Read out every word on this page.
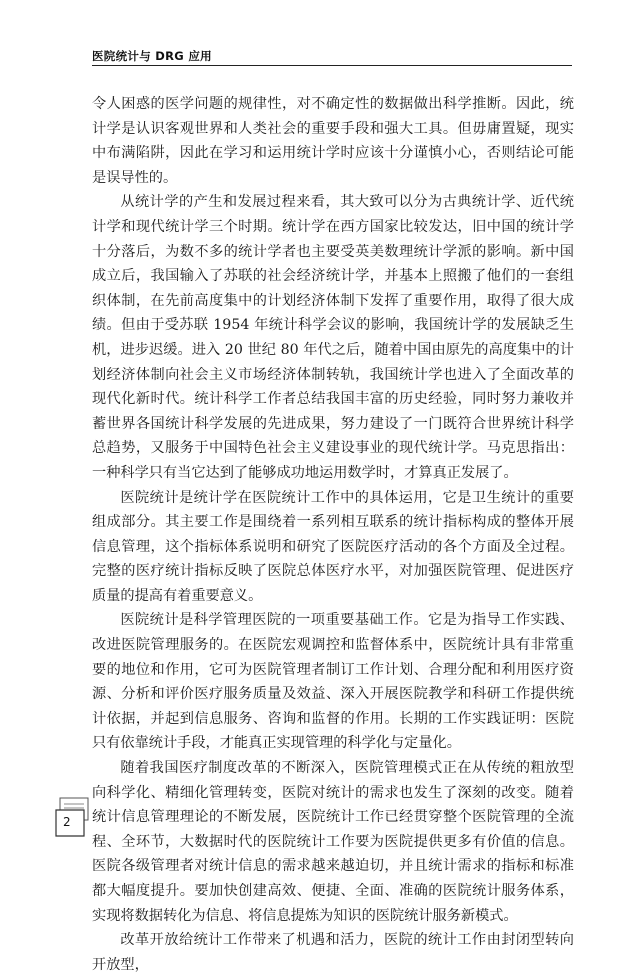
医院统计与 DRG 应用

令人困惑的医学问题的规律性，对不确定性的数据做出科学推断。因此，统计学是认识客观世界和人类社会的重要手段和强大工具。但毋庸置疑，现实中布满陷阱，因此在学习和运用统计学时应该十分谨慎小心，否则结论可能是误导性的。

从统计学的产生和发展过程来看，其大致可以分为古典统计学、近代统计学和现代统计学三个时期。统计学在西方国家比较发达，旧中国的统计学十分落后，为数不多的统计学者也主要受英美数理统计学派的影响。新中国成立后，我国输入了苏联的社会经济统计学，并基本上照搬了他们的一套组织体制，在先前高度集中的计划经济体制下发挥了重要作用，取得了很大成绩。但由于受苏联 1954 年统计科学会议的影响，我国统计学的发展缺乏生机，进步迟缓。进入 20 世纪 80 年代之后，随着中国由原先的高度集中的计划经济体制向社会主义市场经济体制转轨，我国统计学也进入了全面改革的现代化新时代。统计科学工作者总结我国丰富的历史经验，同时努力兼收并蓄世界各国统计科学发展的先进成果，努力建设了一门既符合世界统计科学总趋势，又服务于中国特色社会主义建设事业的现代统计学。马克思指出：一种科学只有当它达到了能够成功地运用数学时，才算真正发展了。

医院统计是统计学在医院统计工作中的具体运用，它是卫生统计的重要组成部分。其主要工作是围绕着一系列相互联系的统计指标构成的整体开展信息管理，这个指标体系说明和研究了医院医疗活动的各个方面及全过程。完整的医疗统计指标反映了医院总体医疗水平，对加强医院管理、促进医疗质量的提高有着重要意义。

医院统计是科学管理医院的一项重要基础工作。它是为指导工作实践、改进医院管理服务的。在医院宏观调控和监督体系中，医院统计具有非常重要的地位和作用，它可为医院管理者制订工作计划、合理分配和利用医疗资源、分析和评价医疗服务质量及效益、深入开展医院教学和科研工作提供统计依据，并起到信息服务、咨询和监督的作用。长期的工作实践证明：医院只有依靠统计手段，才能真正实现管理的科学化与定量化。

随着我国医疗制度改革的不断深入，医院管理模式正在从传统的粗放型向科学化、精细化管理转变，医院对统计的需求也发生了深刻的改变。随着统计信息管理理论的不断发展，医院统计工作已经贯穿整个医院管理的全流程、全环节，大数据时代的医院统计工作要为医院提供更多有价值的信息。医院各级管理者对统计信息的需求越来越迫切，并且统计需求的指标和标准都大幅度提升。要加快创建高效、便捷、全面、准确的医院统计服务体系，实现将数据转化为信息、将信息提炼为知识的医院统计服务新模式。

改革开放给统计工作带来了机遇和活力，医院的统计工作由封闭型转向开放型，

2
